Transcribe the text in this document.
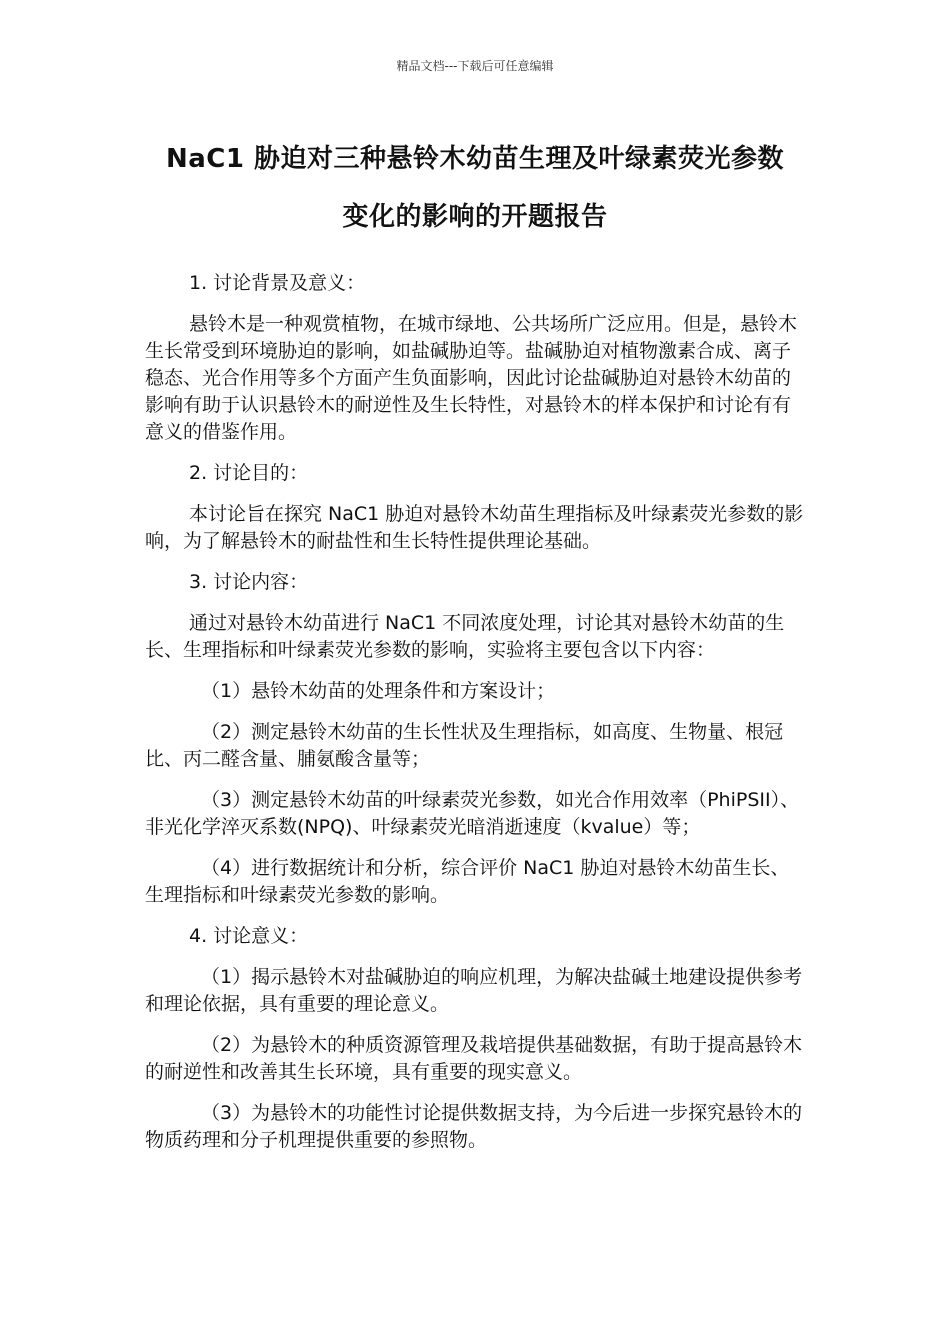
精品文档---下载后可任意编辑
NaC1 胁迫对三种悬铃木幼苗生理及叶绿素荧光参数
变化的影响的开题报告

1. 讨论背景及意义：

悬铃木是一种观赏植物，在城市绿地、公共场所广泛应用。但是，悬铃木生长常受到环境胁迫的影响，如盐碱胁迫等。盐碱胁迫对植物激素合成、离子稳态、光合作用等多个方面产生负面影响，因此讨论盐碱胁迫对悬铃木幼苗的影响有助于认识悬铃木的耐逆性及生长特性，对悬铃木的样本保护和讨论有有意义的借鉴作用。

2. 讨论目的：

本讨论旨在探究 NaC1 胁迫对悬铃木幼苗生理指标及叶绿素荧光参数的影响，为了解悬铃木的耐盐性和生长特性提供理论基础。

3. 讨论内容：

通过对悬铃木幼苗进行 NaC1 不同浓度处理，讨论其对悬铃木幼苗的生长、生理指标和叶绿素荧光参数的影响，实验将主要包含以下内容：

（1）悬铃木幼苗的处理条件和方案设计；

（2）测定悬铃木幼苗的生长性状及生理指标，如高度、生物量、根冠比、丙二醛含量、脯氨酸含量等；

（3）测定悬铃木幼苗的叶绿素荧光参数，如光合作用效率（PhiPSII）、非光化学淬灭系数(NPQ)、叶绿素荧光暗消逝速度（kvalue）等；

（4）进行数据统计和分析，综合评价 NaC1 胁迫对悬铃木幼苗生长、生理指标和叶绿素荧光参数的影响。

4. 讨论意义：

（1）揭示悬铃木对盐碱胁迫的响应机理，为解决盐碱土地建设提供参考和理论依据，具有重要的理论意义。

（2）为悬铃木的种质资源管理及栽培提供基础数据，有助于提高悬铃木的耐逆性和改善其生长环境，具有重要的现实意义。

（3）为悬铃木的功能性讨论提供数据支持，为今后进一步探究悬铃木的物质药理和分子机理提供重要的参照物。
